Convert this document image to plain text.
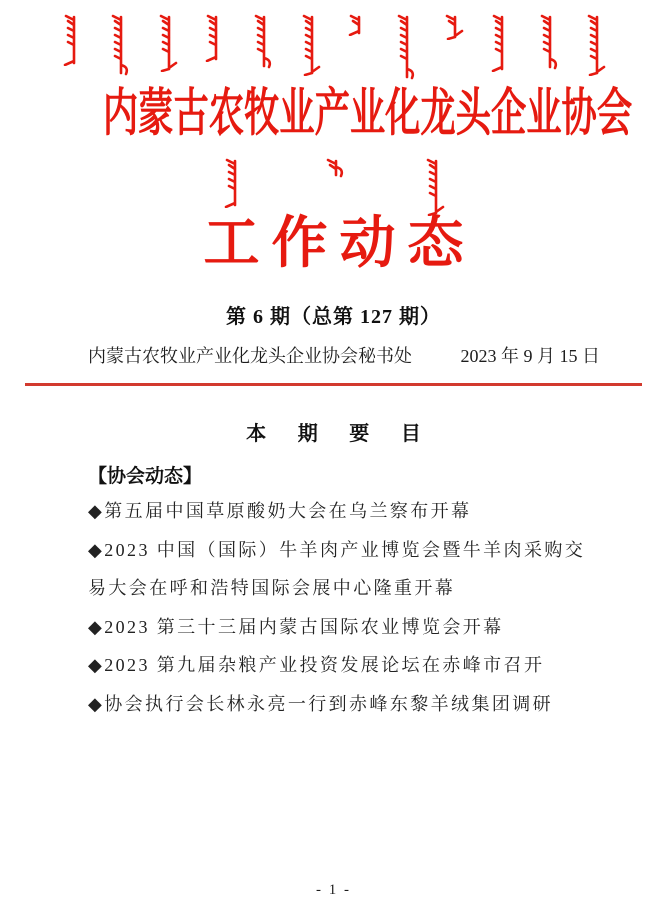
内蒙古农牧业产业化龙头企业协会
工作动态
第 6 期（总第 127 期）
内蒙古农牧业产业化龙头企业协会秘书处	2023 年 9 月 15 日
本 期 要 目
【协会动态】
◆第五届中国草原酸奶大会在乌兰察布开幕
◆2023 中国（国际）牛羊肉产业博览会暨牛羊肉采购交易大会在呼和浩特国际会展中心隆重开幕
◆2023 第三十三届内蒙古国际农业博览会开幕
◆2023 第九届杂粮产业投资发展论坛在赤峰市召开
◆协会执行会长林永亮一行到赤峰东黎羊绒集团调研
- 1 -
